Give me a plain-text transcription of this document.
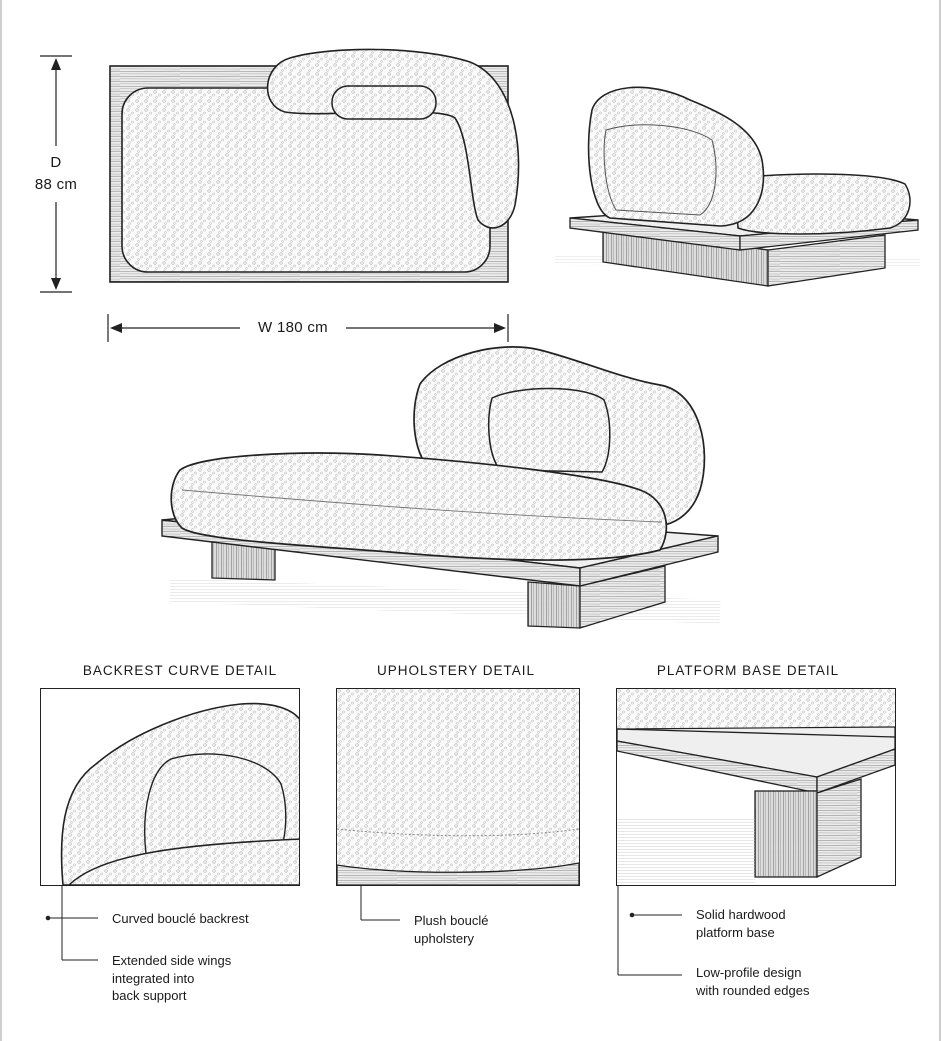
D
88 cm
W 180 cm
BACKREST CURVE DETAIL	UPHOLSTERY DETAIL	PLATFORM BASE DETAIL
Curved bouclé backrest
Extended side wings
integrated into
back support
Plush bouclé
upholstery
Solid hardwood
platform base
Low-profile design
with rounded edges
